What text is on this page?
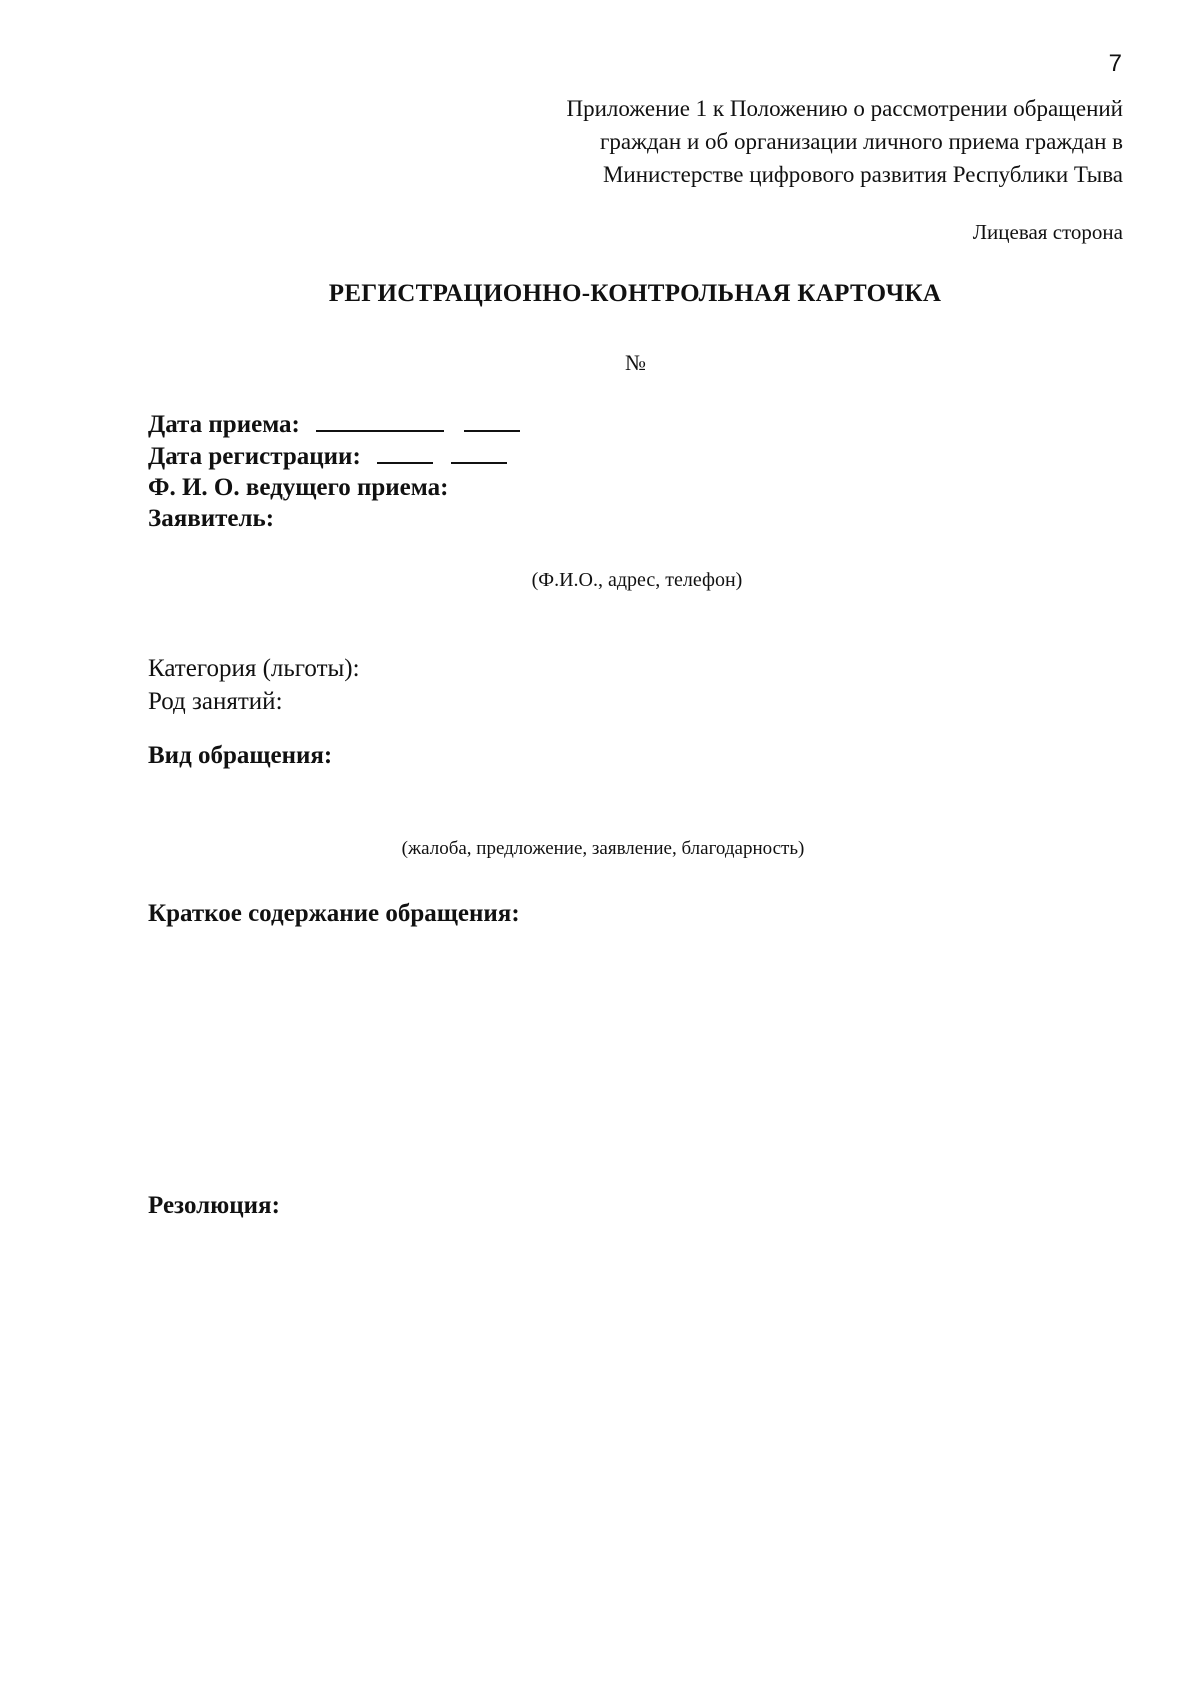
7
Приложение 1 к Положению о рассмотрении обращений
граждан и об организации личного приема граждан в
Министерстве цифрового развития Республики Тыва
Лицевая сторона
РЕГИСТРАЦИОННО-КОНТРОЛЬНАЯ КАРТОЧКА
№
Дата приема:
Дата регистрации:
Ф. И. О. ведущего приема:
Заявитель:
(Ф.И.О., адрес, телефон)
Категория (льготы):
Род занятий:
Вид обращения:
(жалоба, предложение, заявление, благодарность)
Краткое содержание обращения:
Резолюция:
